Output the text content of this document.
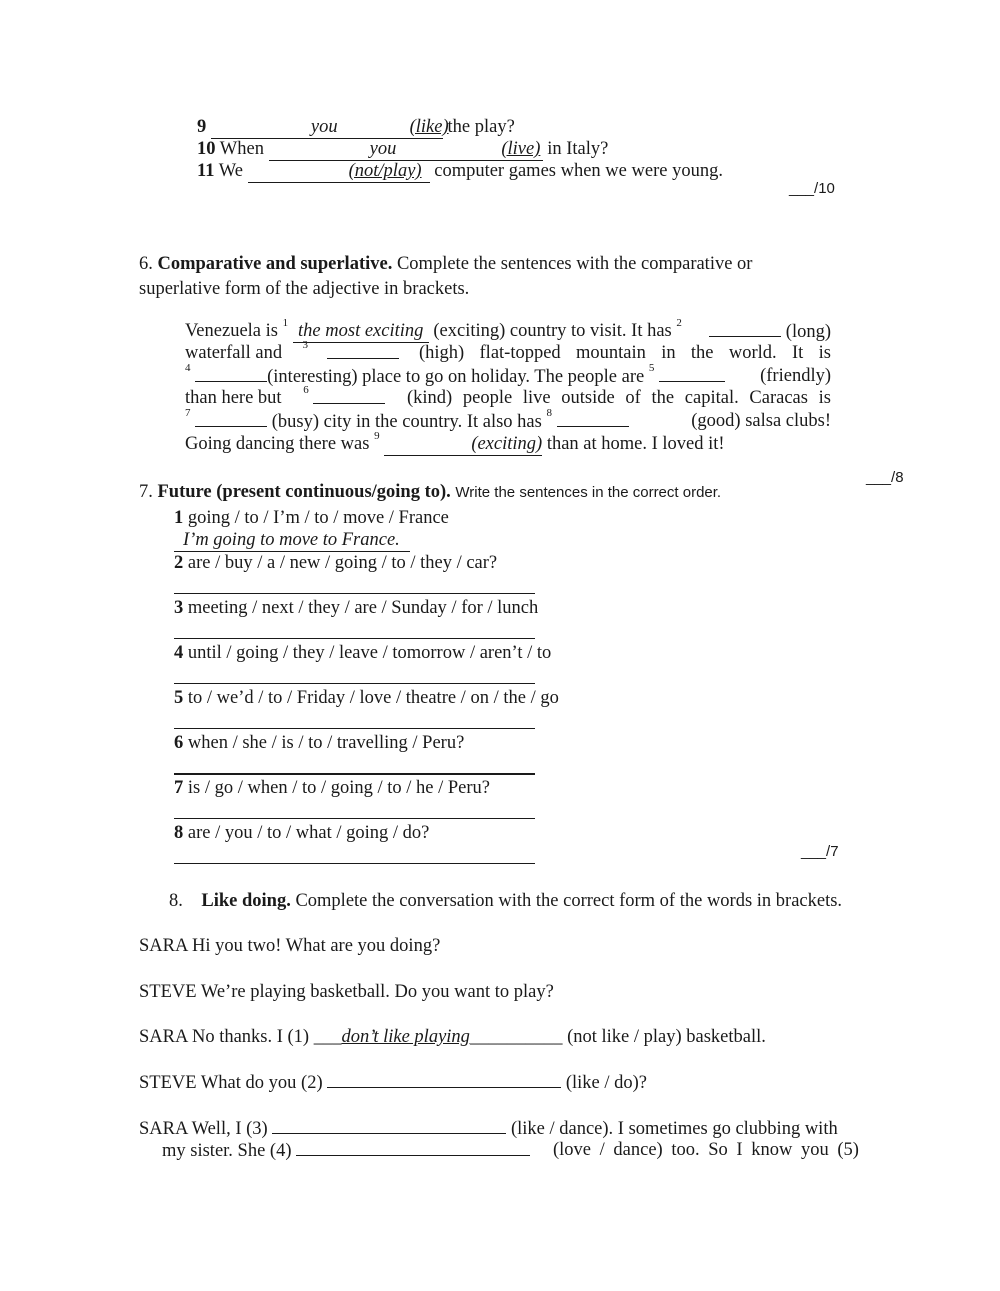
9	you	(like) the play?
10 When	you	(live) in Italy?
11 We	(not/play) computer games when we were young.
___/10
6. Comparative and superlative. Complete the sentences with the comparative or
superlative form of the adjective in brackets.
Venezuela is $^1$ the most exciting (exciting) country to visit. It has $^2$	(long)
waterfall and $^3$	(high) flat-topped mountain in the world. It is
$^4$	(interesting) place to go on holiday. The people are $^5$	(friendly)
than here but $^6$	(kind) people live outside of the capital. Caracas is
$^7$	(busy) city in the country. It also has $^8$	(good) salsa clubs!
Going dancing there was $^9$	(exciting) than at home. I loved it!
___/8
7. Future (present continuous/going to). Write the sentences in the correct order.
1 going / to / I’m / to / move / France
I’m going to move to France.
2 are / buy / a / new / going / to / they / car?
3 meeting / next / they / are / Sunday / for / lunch
4 until / going / they / leave / tomorrow / aren’t / to
5 to / we’d / to / Friday / love / theatre / on / the / go
6 when / she / is / to / travelling / Peru?
7 is / go / when / to / going / to / he / Peru?
8 are / you / to / what / going / do?
___/7
8. Like doing. Complete the conversation with the correct form of the words in brackets.
SARA Hi you two! What are you doing?
STEVE We’re playing basketball. Do you want to play?
SARA No thanks. I (1) ___don’t like playing__________ (not like / play) basketball.
STEVE What do you (2)	(like / do)?
SARA Well, I (3)	(like / dance). I sometimes go clubbing with
my sister. She (4)	(love / dance) too. So I know you (5)
